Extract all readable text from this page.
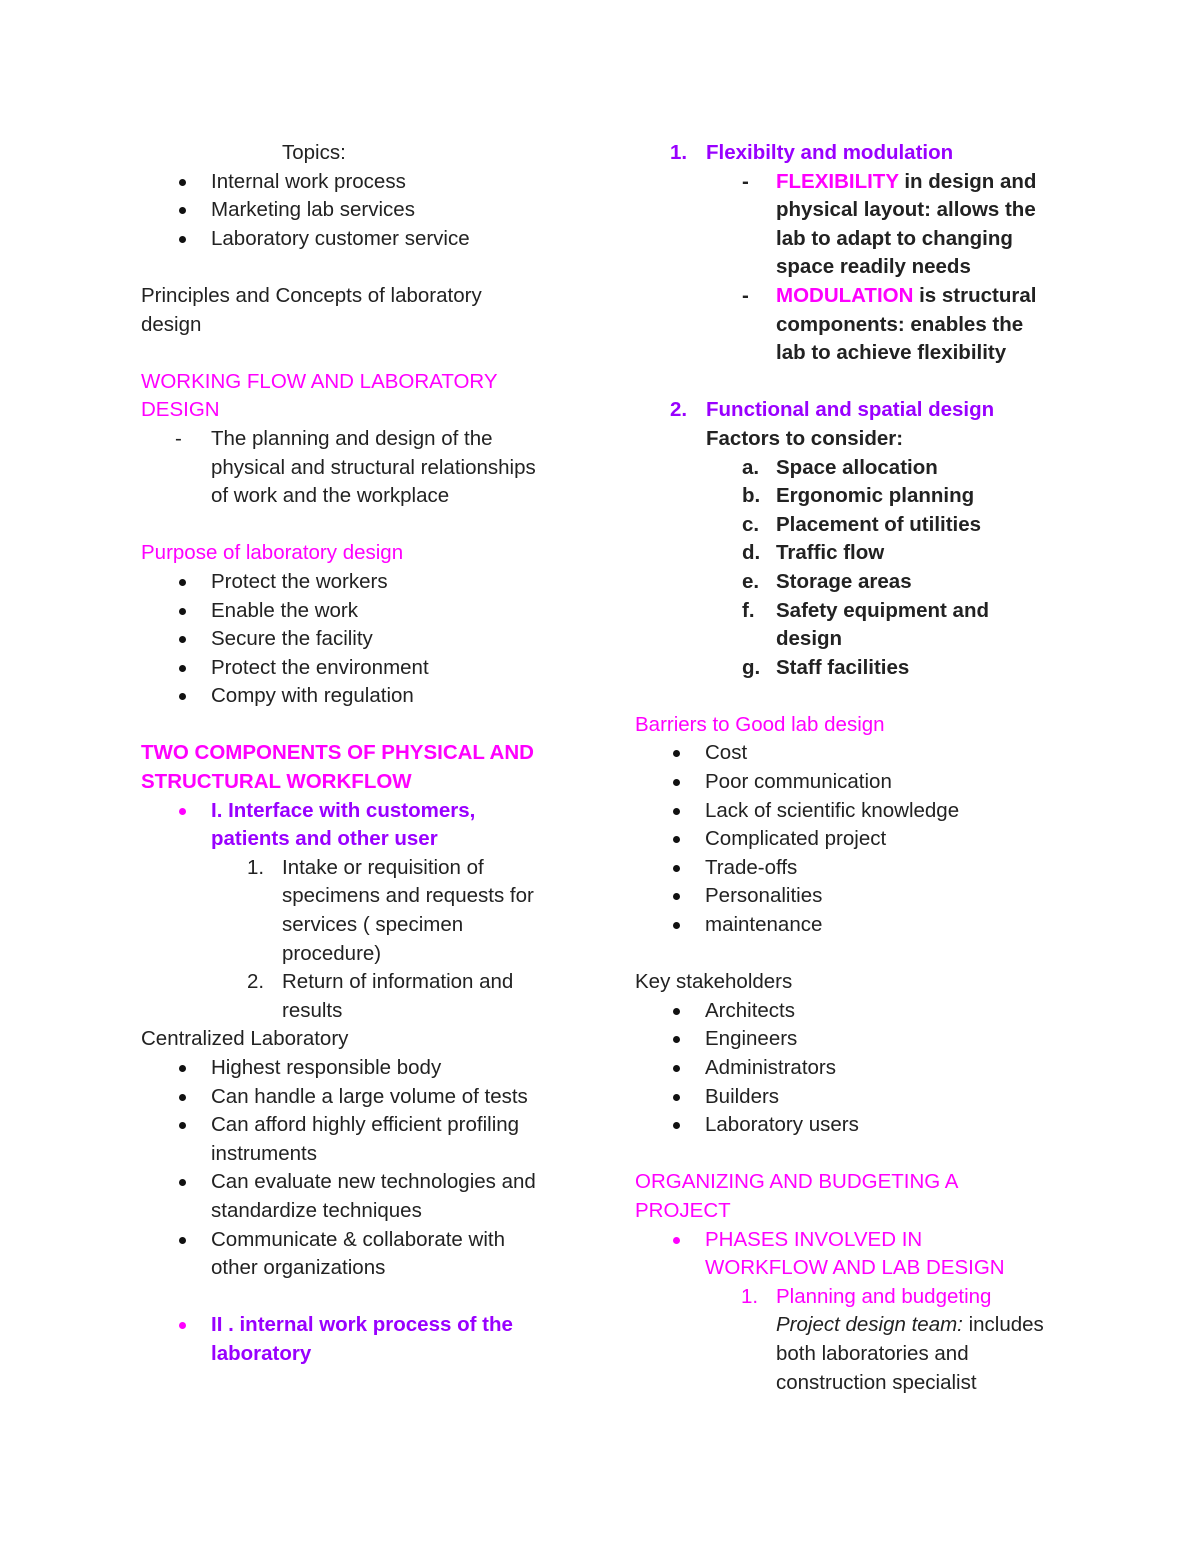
Topics:
Internal work process
Marketing lab services
Laboratory customer service
Principles and Concepts of laboratory
design
WORKING FLOW AND LABORATORY
DESIGN
- The planning and design of the
physical and structural relationships
of work and the workplace
Purpose of laboratory design
Protect the workers
Enable the work
Secure the facility
Protect the environment
Compy with regulation
TWO COMPONENTS OF PHYSICAL AND
STRUCTURAL WORKFLOW
I. Interface with customers,
patients and other user
1. Intake or requisition of
specimens and requests for
services ( specimen
procedure)
2. Return of information and
results
Centralized Laboratory
Highest responsible body
Can handle a large volume of tests
Can afford highly efficient profiling
instruments
Can evaluate new technologies and
standardize techniques
Communicate & collaborate with
other organizations
II . internal work process of the
laboratory
1. Flexibilty and modulation
- FLEXIBILITY in design and
physical layout: allows the
lab to adapt to changing
space readily needs
- MODULATION is structural
components: enables the
lab to achieve flexibility
2. Functional and spatial design
Factors to consider:
a. Space allocation
b. Ergonomic planning
c. Placement of utilities
d. Traffic flow
e. Storage areas
f. Safety equipment and
design
g. Staff facilities
Barriers to Good lab design
Cost
Poor communication
Lack of scientific knowledge
Complicated project
Trade-offs
Personalities
maintenance
Key stakeholders
Architects
Engineers
Administrators
Builders
Laboratory users
ORGANIZING AND BUDGETING A
PROJECT
PHASES INVOLVED IN
WORKFLOW AND LAB DESIGN
1. Planning and budgeting
Project design team: includes
both laboratories and
construction specialist
